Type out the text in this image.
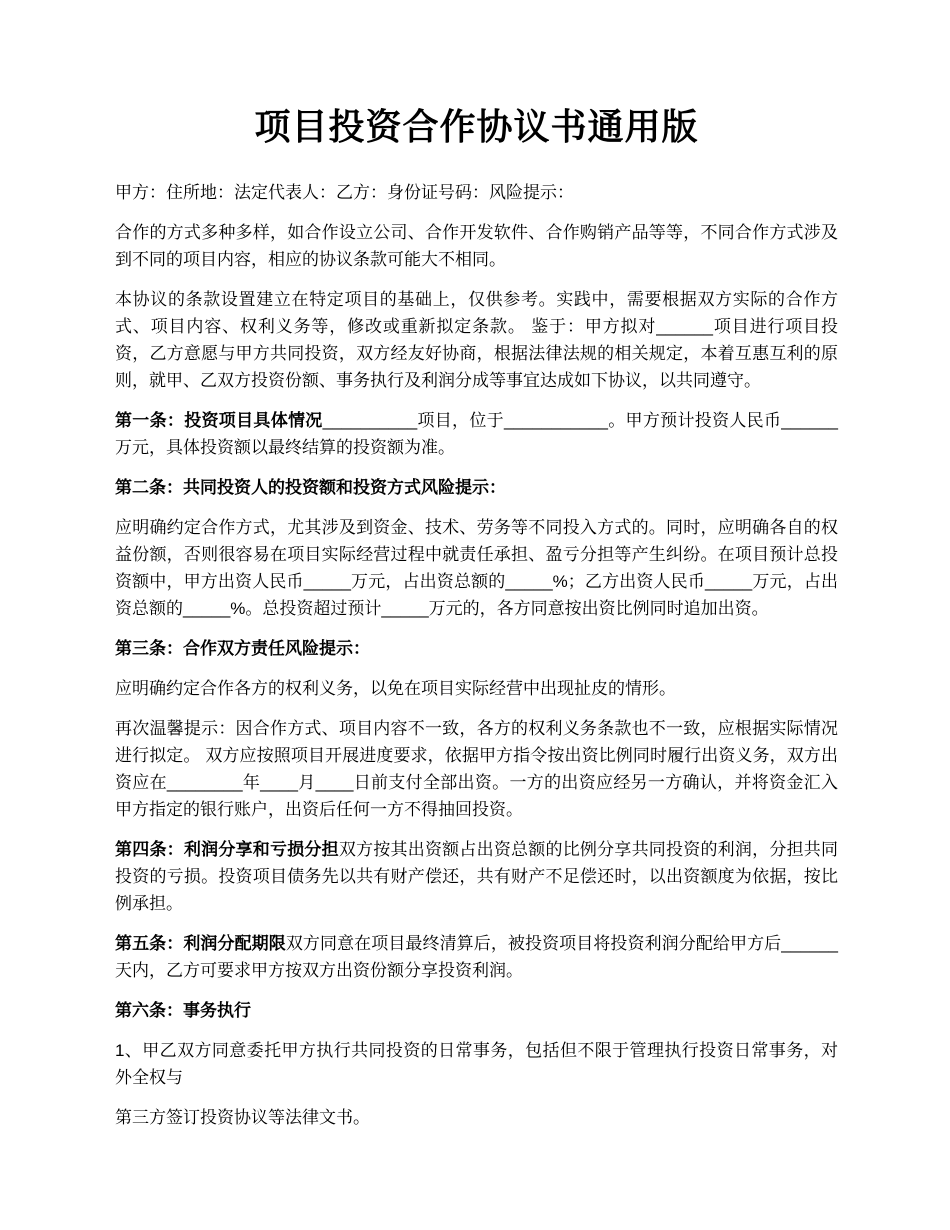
项目投资合作协议书通用版

甲方：住所地：法定代表人：乙方：身份证号码：风险提示：

合作的方式多种多样，如合作设立公司、合作开发软件、合作购销产品等等，不同合作方式涉及到不同的项目内容，相应的协议条款可能大不相同。

本协议的条款设置建立在特定项目的基础上，仅供参考。实践中，需要根据双方实际的合作方式、项目内容、权利义务等，修改或重新拟定条款。 鉴于：甲方拟对______项目进行项目投资，乙方意愿与甲方共同投资，双方经友好协商，根据法律法规的相关规定，本着互惠互利的原则，就甲、乙双方投资份额、事务执行及利润分成等事宜达成如下协议，以共同遵守。

第一条：投资项目具体情况__________项目，位于___________。甲方预计投资人民币______万元，具体投资额以最终结算的投资额为准。

第二条：共同投资人的投资额和投资方式风险提示：

应明确约定合作方式，尤其涉及到资金、技术、劳务等不同投入方式的。同时，应明确各自的权益份额，否则很容易在项目实际经营过程中就责任承担、盈亏分担等产生纠纷。在项目预计总投资额中，甲方出资人民币_____万元，占出资总额的_____%；乙方出资人民币_____万元，占出资总额的_____%。总投资超过预计_____万元的，各方同意按出资比例同时追加出资。

第三条：合作双方责任风险提示：

应明确约定合作各方的权利义务，以免在项目实际经营中出现扯皮的情形。

再次温馨提示：因合作方式、项目内容不一致，各方的权利义务条款也不一致，应根据实际情况进行拟定。 双方应按照项目开展进度要求，依据甲方指令按出资比例同时履行出资义务，双方出资应在________年____月____日前支付全部出资。一方的出资应经另一方确认，并将资金汇入甲方指定的银行账户，出资后任何一方不得抽回投资。

第四条：利润分享和亏损分担双方按其出资额占出资总额的比例分享共同投资的利润，分担共同投资的亏损。投资项目债务先以共有财产偿还，共有财产不足偿还时，以出资额度为依据，按比例承担。

第五条：利润分配期限双方同意在项目最终清算后，被投资项目将投资利润分配给甲方后______天内，乙方可要求甲方按双方出资份额分享投资利润。

第六条：事务执行

1、甲乙双方同意委托甲方执行共同投资的日常事务，包括但不限于管理执行投资日常事务，对外全权与

第三方签订投资协议等法律文书。
